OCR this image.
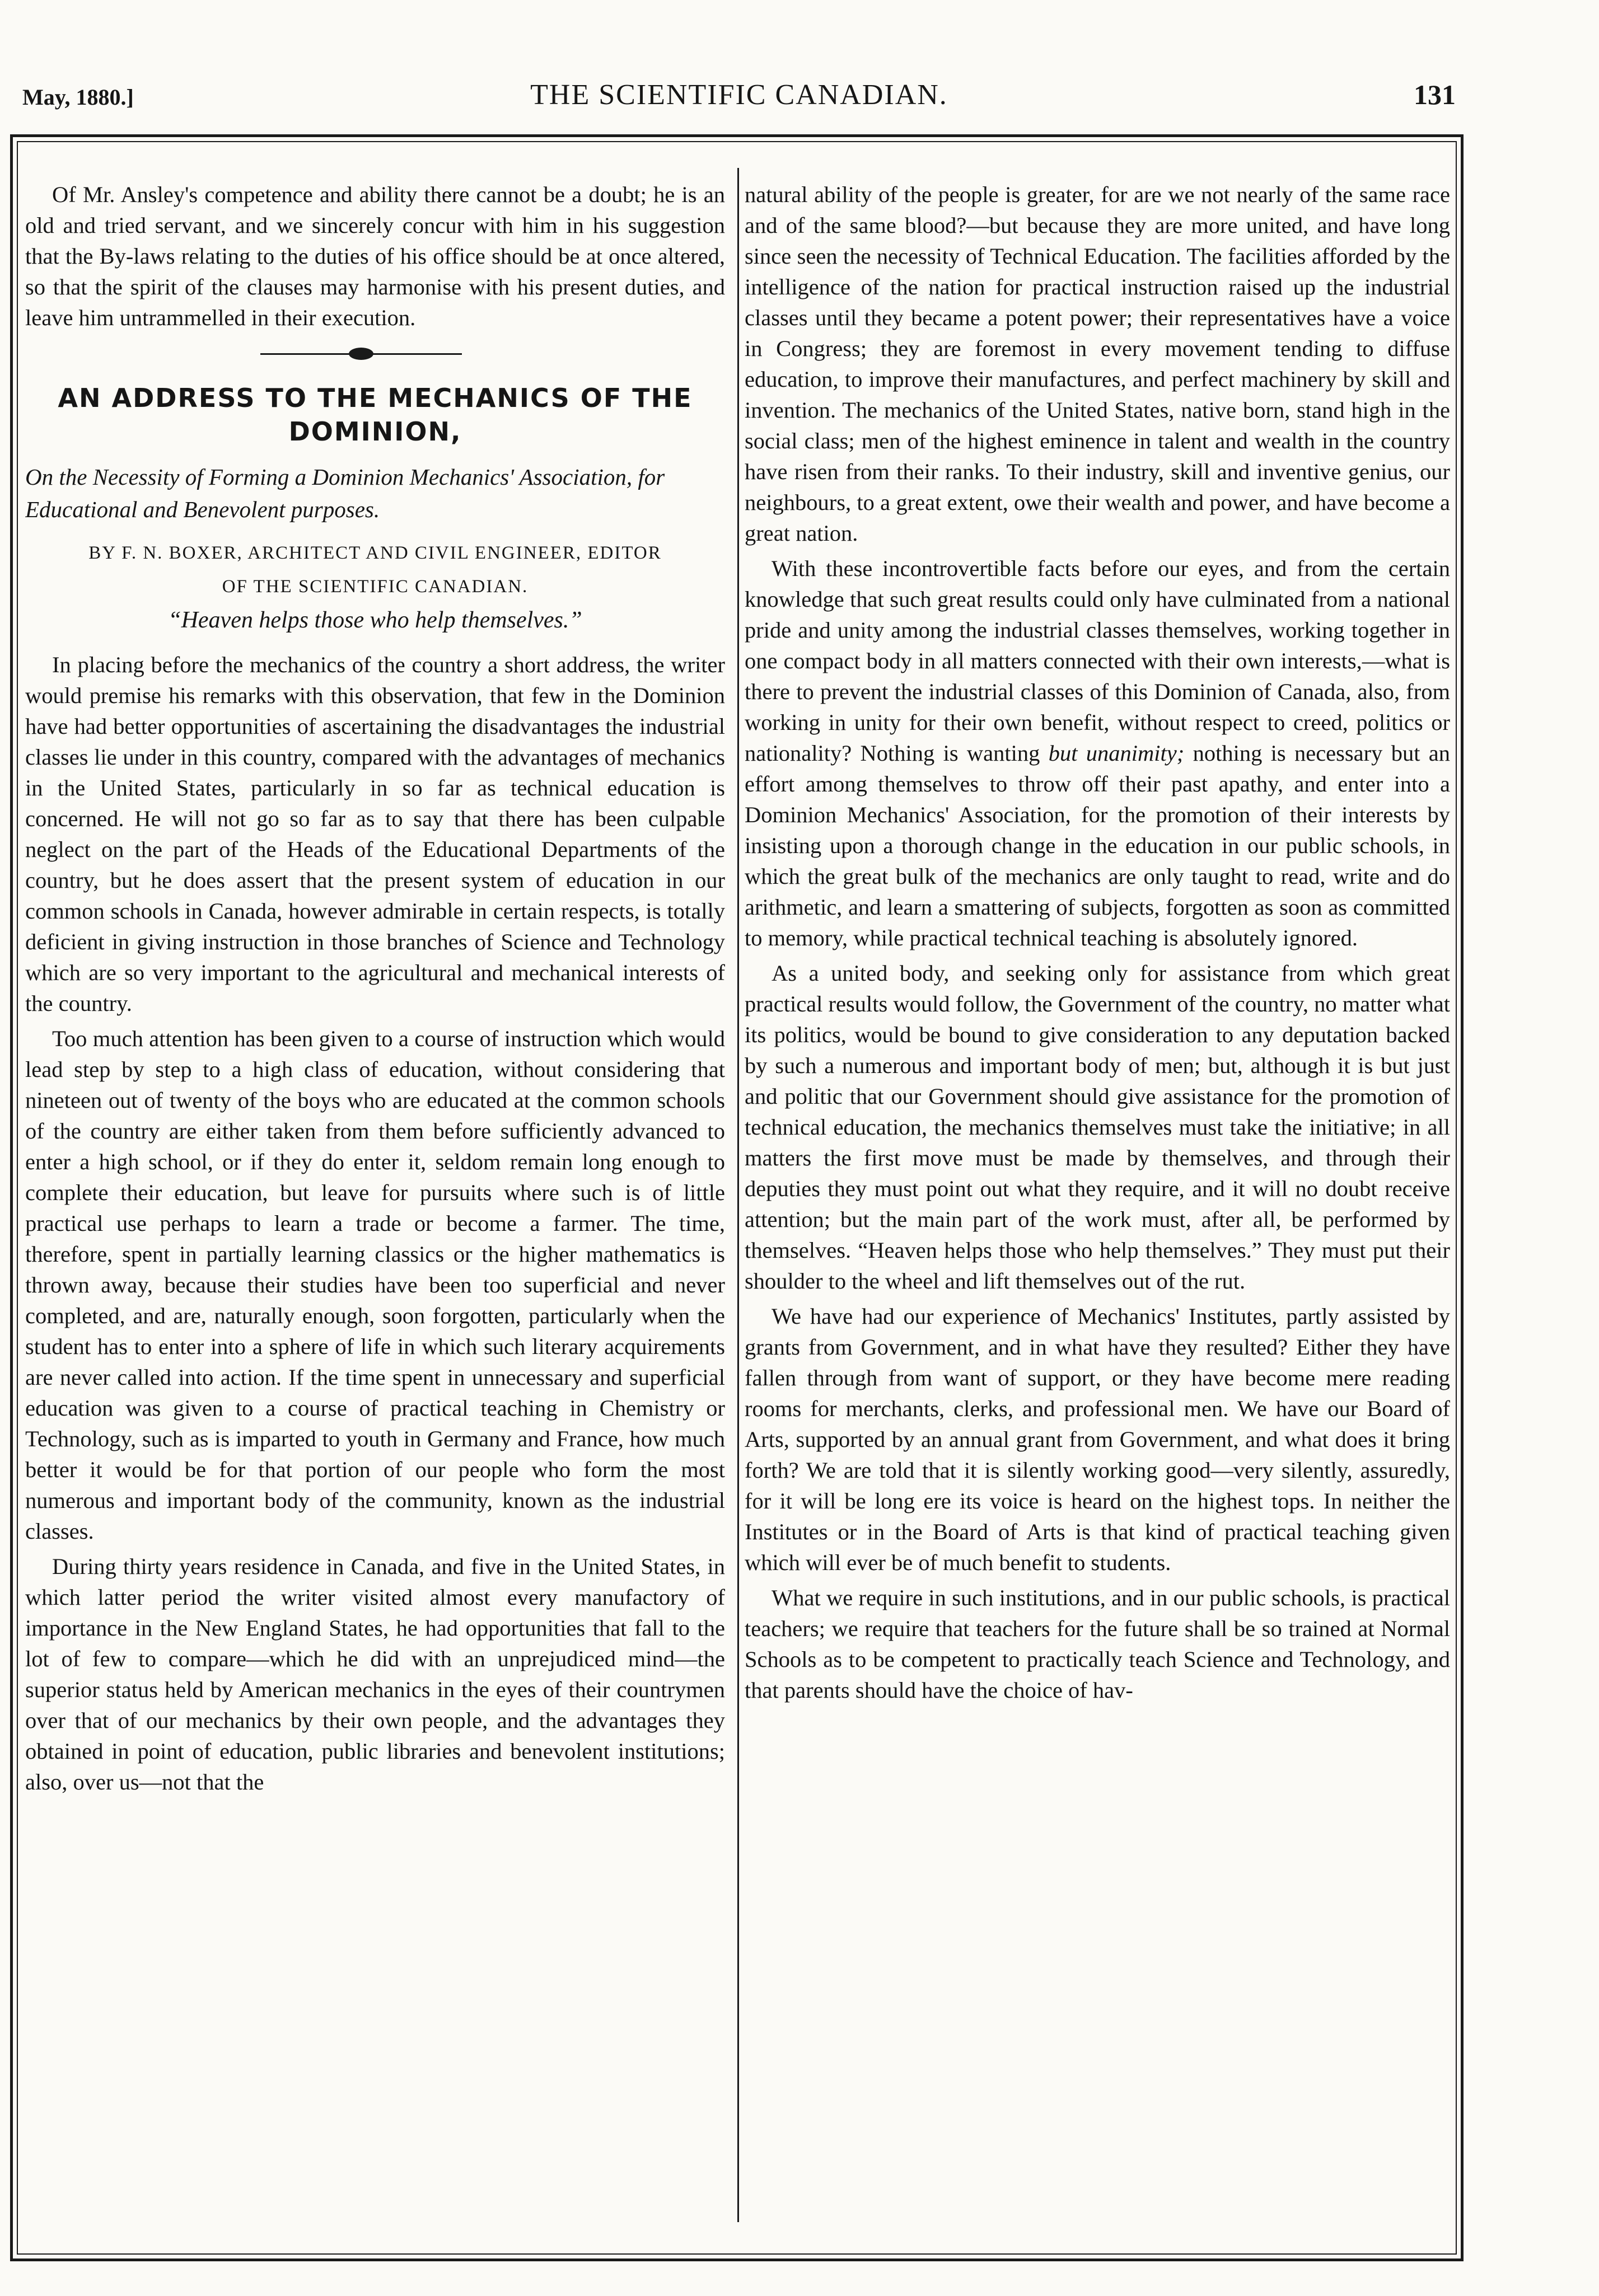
May, 1880.]	THE SCIENTIFIC CANADIAN.	131

Of Mr. Ansley's competence and ability there cannot be a doubt; he is an old and tried servant, and we sincerely concur with him in his suggestion that the By-laws relating to the duties of his office should be at once altered, so that the spirit of the clauses may harmonise with his present duties, and leave him untrammelled in their execution.

AN ADDRESS TO THE MECHANICS OF THE DOMINION,
On the Necessity of Forming a Dominion Mechanics' Association, for Educational and Benevolent purposes.
BY F. N. BOXER, ARCHITECT AND CIVIL ENGINEER, EDITOR
OF THE SCIENTIFIC CANADIAN.
“Heaven helps those who help themselves.”

In placing before the mechanics of the country a short address, the writer would premise his remarks with this observation, that few in the Dominion have had better opportunities of ascertaining the disadvantages the industrial classes lie under in this country, compared with the advantages of mechanics in the United States, particularly in so far as technical education is concerned. He will not go so far as to say that there has been culpable neglect on the part of the Heads of the Educational Departments of the country, but he does assert that the present system of education in our common schools in Canada, however admirable in certain respects, is totally deficient in giving instruction in those branches of Science and Technology which are so very important to the agricultural and mechanical interests of the country.

Too much attention has been given to a course of instruction which would lead step by step to a high class of education, without considering that nineteen out of twenty of the boys who are educated at the common schools of the country are either taken from them before sufficiently advanced to enter a high school, or if they do enter it, seldom remain long enough to complete their education, but leave for pursuits where such is of little practical use perhaps to learn a trade or become a farmer. The time, therefore, spent in partially learning classics or the higher mathematics is thrown away, because their studies have been too superficial and never completed, and are, naturally enough, soon forgotten, particularly when the student has to enter into a sphere of life in which such literary acquirements are never called into action. If the time spent in unnecessary and superficial education was given to a course of practical teaching in Chemistry or Technology, such as is imparted to youth in Germany and France, how much better it would be for that portion of our people who form the most numerous and important body of the community, known as the industrial classes.

During thirty years residence in Canada, and five in the United States, in which latter period the writer visited almost every manufactory of importance in the New England States, he had opportunities that fall to the lot of few to compare—which he did with an unprejudiced mind—the superior status held by American mechanics in the eyes of their countrymen over that of our mechanics by their own people, and the advantages they obtained in point of education, public libraries and benevolent institutions; also, over us—not that the

natural ability of the people is greater, for are we not nearly of the same race and of the same blood?—but because they are more united, and have long since seen the necessity of Technical Education. The facilities afforded by the intelligence of the nation for practical instruction raised up the industrial classes until they became a potent power; their representatives have a voice in Congress; they are foremost in every movement tending to diffuse education, to improve their manufactures, and perfect machinery by skill and invention. The mechanics of the United States, native born, stand high in the social class; men of the highest eminence in talent and wealth in the country have risen from their ranks. To their industry, skill and inventive genius, our neighbours, to a great extent, owe their wealth and power, and have become a great nation.

With these incontrovertible facts before our eyes, and from the certain knowledge that such great results could only have culminated from a national pride and unity among the industrial classes themselves, working together in one compact body in all matters connected with their own interests,—what is there to prevent the industrial classes of this Dominion of Canada, also, from working in unity for their own benefit, without respect to creed, politics or nationality? Nothing is wanting but unanimity; nothing is necessary but an effort among themselves to throw off their past apathy, and enter into a Dominion Mechanics' Association, for the promotion of their interests by insisting upon a thorough change in the education in our public schools, in which the great bulk of the mechanics are only taught to read, write and do arithmetic, and learn a smattering of subjects, forgotten as soon as committed to memory, while practical technical teaching is absolutely ignored.

As a united body, and seeking only for assistance from which great practical results would follow, the Government of the country, no matter what its politics, would be bound to give consideration to any deputation backed by such a numerous and important body of men; but, although it is but just and politic that our Government should give assistance for the promotion of technical education, the mechanics themselves must take the initiative; in all matters the first move must be made by themselves, and through their deputies they must point out what they require, and it will no doubt receive attention; but the main part of the work must, after all, be performed by themselves. “Heaven helps those who help themselves.” They must put their shoulder to the wheel and lift themselves out of the rut.

We have had our experience of Mechanics' Institutes, partly assisted by grants from Government, and in what have they resulted? Either they have fallen through from want of support, or they have become mere reading rooms for merchants, clerks, and professional men. We have our Board of Arts, supported by an annual grant from Government, and what does it bring forth? We are told that it is silently working good—very silently, assuredly, for it will be long ere its voice is heard on the highest tops. In neither the Institutes or in the Board of Arts is that kind of practical teaching given which will ever be of much benefit to students.

What we require in such institutions, and in our public schools, is practical teachers; we require that teachers for the future shall be so trained at Normal Schools as to be competent to practically teach Science and Technology, and that parents should have the choice of hav-
